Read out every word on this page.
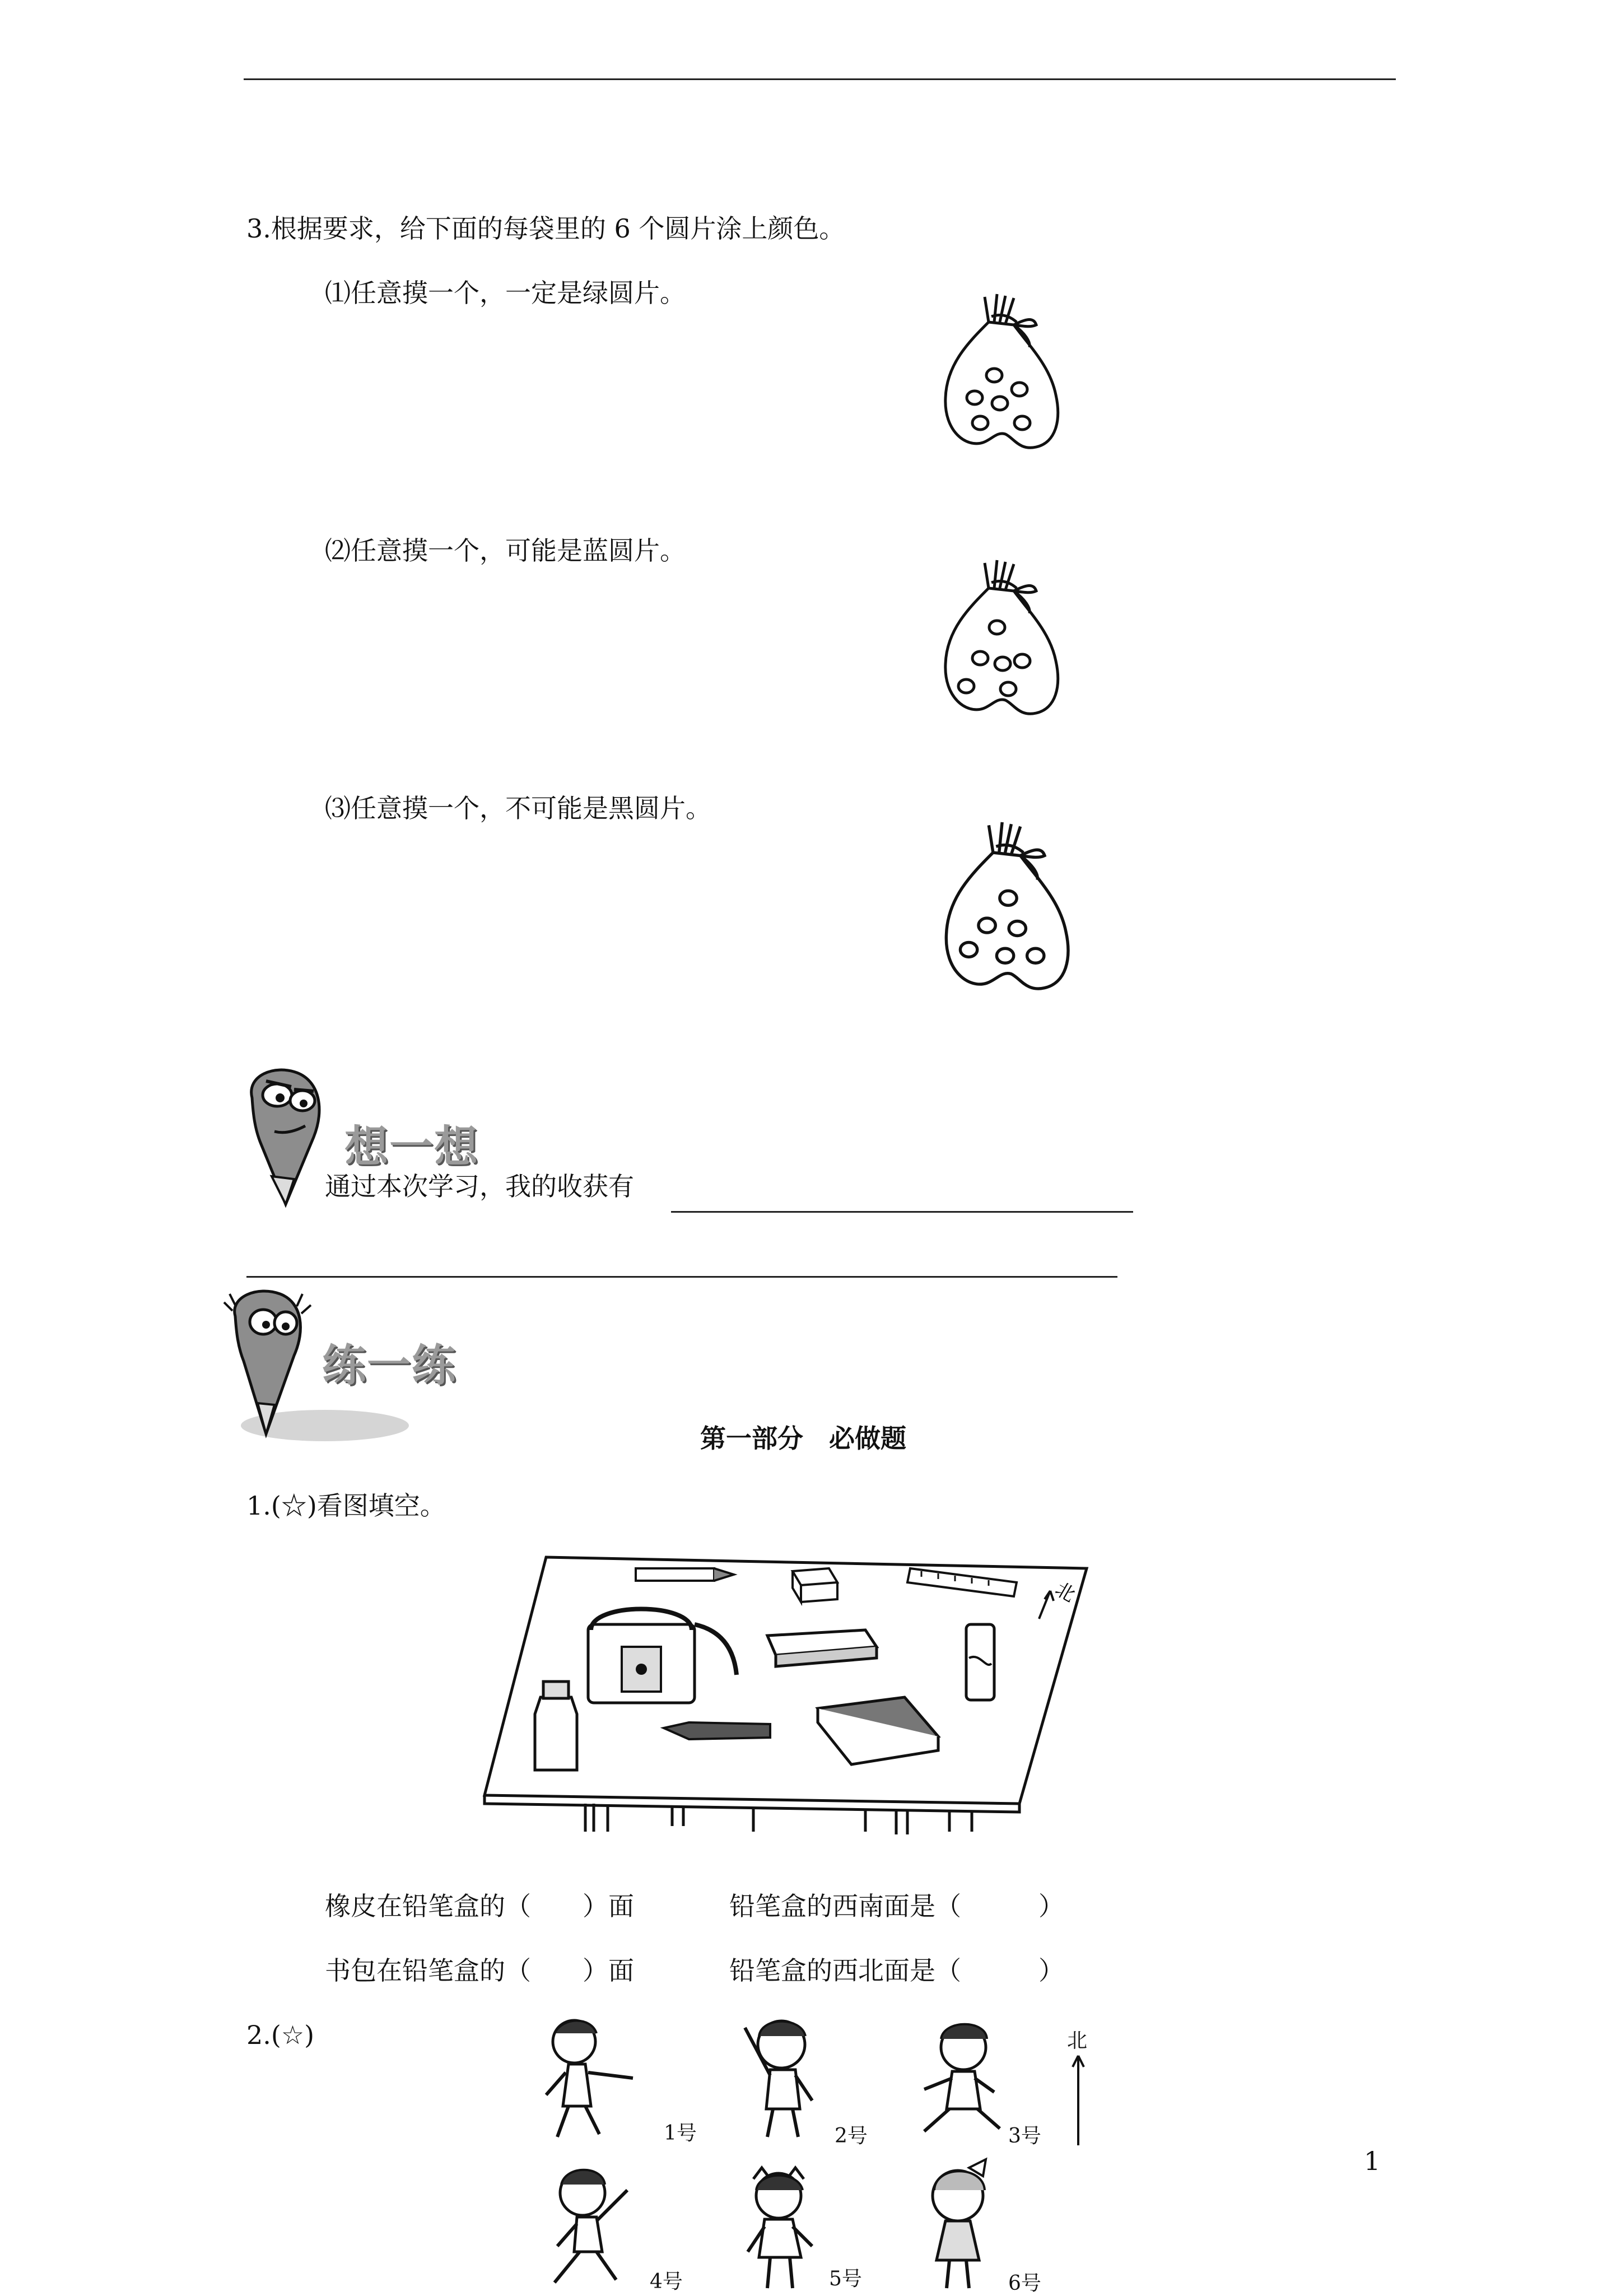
3.根据要求，给下面的每袋里的 6 个圆片涂上颜色。
⑴任意摸一个，一定是绿圆片。
⑵任意摸一个，可能是蓝圆片。
⑶任意摸一个，不可能是黑圆片。
想一想
通过本次学习，我的收获有
练一练
第一部分　必做题
1.(☆)看图填空。
北
橡皮在铅笔盒的（　　）面	铅笔盒的西南面是（　　　）
书包在铅笔盒的（　　）面	铅笔盒的西北面是（　　　）
2.(☆)
1号	2号	3号
北
1
4号	5号	6号
